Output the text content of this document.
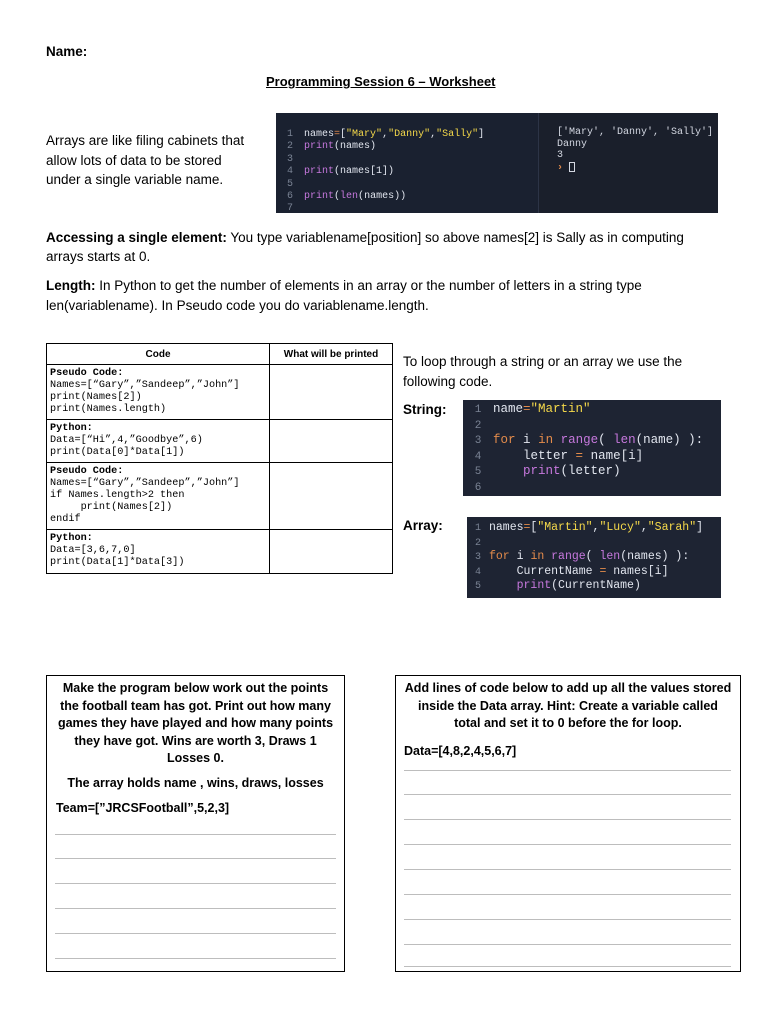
Name:
Programming Session 6 – Worksheet
Arrays are like filing cabinets that
allow lots of data to be stored
under a single variable name.
1 names=["Mary","Danny","Sally"]
2 print(names)
3
4 print(names[1])
5
6 print(len(names))
7
['Mary', 'Danny', 'Sally']
Danny
3
›
Accessing a single element: You type variablename[position] so above names[2] is Sally as in computing
arrays starts at 0.
Length: In Python to get the number of elements in an array or the number of letters in a string type
len(variablename). In Pseudo code you do variablename.length.
Code	What will be printed

Pseudo Code:
Names=[“Gary”,”Sandeep”,”John”]
print(Names[2])
print(Names.length)	

Python:
Data=[“Hi”,4,”Goodbye”,6)
print(Data[0]*Data[1])	

Pseudo Code:
Names=[“Gary”,”Sandeep”,”John”]
if Names.length>2 then
print(Names[2])
endif	

Python:
Data=[3,6,7,0]
print(Data[1]*Data[3])	

To loop through a string or an array we use the
following code.
String:	1 name="Martin"
2
3 for i in range( len(name) ):
4	letter = name[i]
5	print(letter)
6
Array:	1 names=["Martin","Lucy","Sarah"]
2
3 for i in range( len(names) ):
4	CurrentName = names[i]
5	print(CurrentName)
Make the program below work out the points
the football team has got. Print out how many
games they have played and how many points
they have got. Wins are worth 3, Draws 1
Losses 0.
The array holds name , wins, draws, losses
Team=[”JRCSFootball”,5,2,3]
Add lines of code below to add up all the values stored
inside the Data array. Hint: Create a variable called
total and set it to 0 before the for loop.
Data=[4,8,2,4,5,6,7]
